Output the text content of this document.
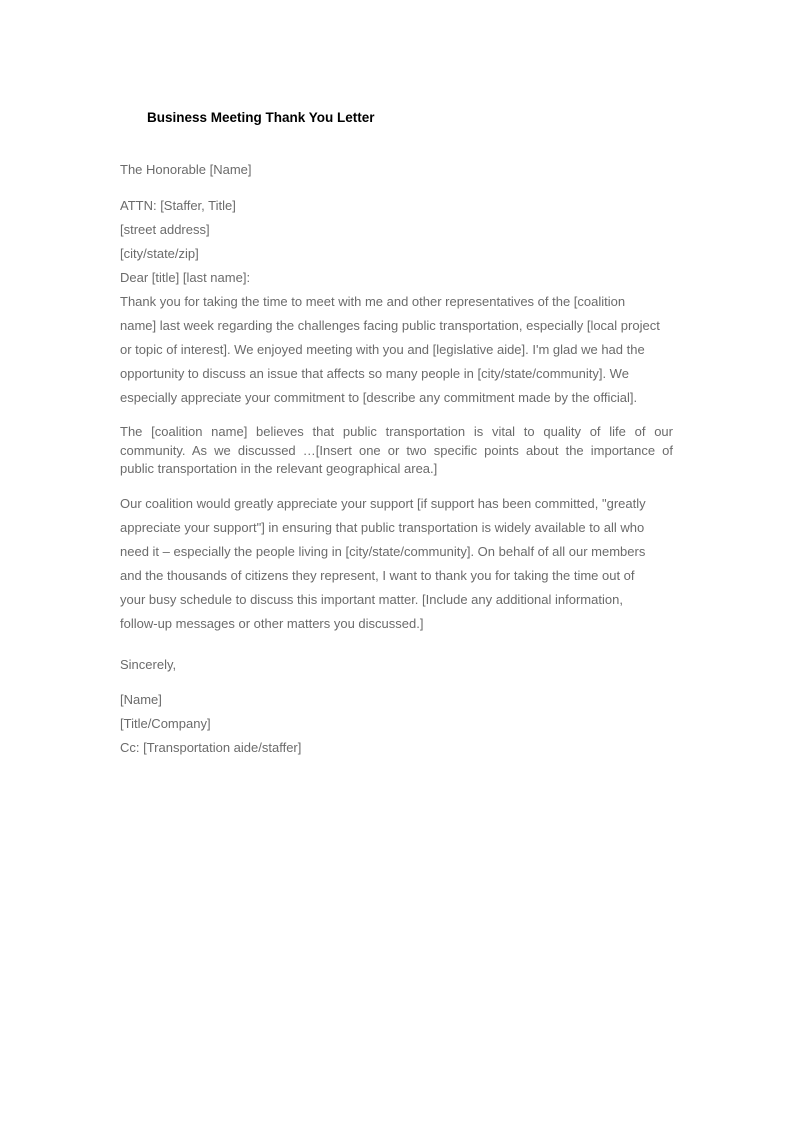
Business Meeting Thank You Letter
The Honorable [Name]
ATTN: [Staffer, Title]
[street address]
[city/state/zip]
Dear [title] [last name]:
Thank you for taking the time to meet with me and other representatives of the [coalition
name] last week regarding the challenges facing public transportation, especially [local project
or topic of interest]. We enjoyed meeting with you and [legislative aide]. I'm glad we had the
opportunity to discuss an issue that affects so many people in [city/state/community]. We
especially appreciate your commitment to [describe any commitment made by the official].
The [coalition name] believes that public transportation is vital to quality of life of our
community. As we discussed …[Insert one or two specific points about the importance of
public transportation in the relevant geographical area.]
Our coalition would greatly appreciate your support [if support has been committed, "greatly
appreciate your support"] in ensuring that public transportation is widely available to all who
need it – especially the people living in [city/state/community]. On behalf of all our members
and the thousands of citizens they represent, I want to thank you for taking the time out of
your busy schedule to discuss this important matter. [Include any additional information,
follow-up messages or other matters you discussed.]
Sincerely,
[Name]
[Title/Company]
Cc: [Transportation aide/staffer]
